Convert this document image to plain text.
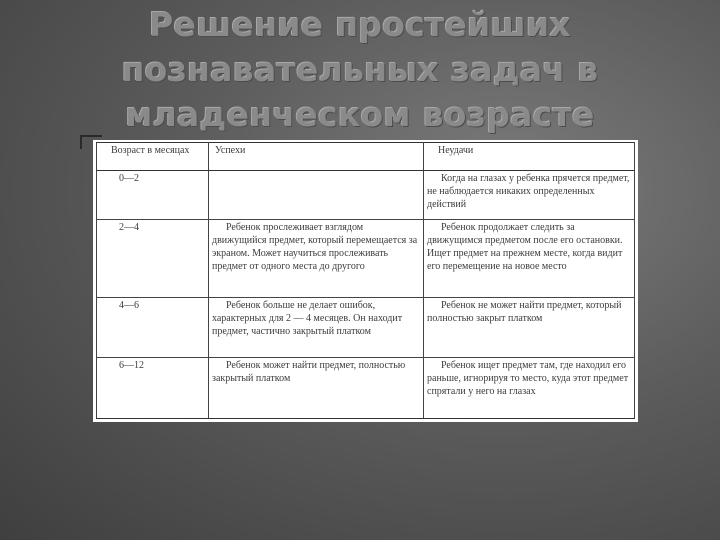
Решение простейших
познавательных задач в
младенческом возрасте
Возраст в месяцах	Успехи	Неудачи
0—2		Когда на глазах у ребенка прячется предмет, не наблюдается никаких определенных действий
2—4	Ребенок прослеживает взглядом движущийся предмет, который перемещается за экраном. Может научиться прослеживать предмет от одного места до другого	Ребенок продолжает следить за движущимся предметом после его остановки. Ищет предмет на прежнем месте, когда видит его перемещение на новое место
4—6	Ребенок больше не делает ошибок, характерных для 2 — 4 месяцев. Он находит предмет, частично закрытый платком	Ребенок не может найти предмет, который полностью закрыт платком
6—12	Ребенок может найти предмет, полностью закрытый платком	Ребенок ищет предмет там, где находил его раньше, игнорируя то место, куда этот предмет спрятали у него на глазах
